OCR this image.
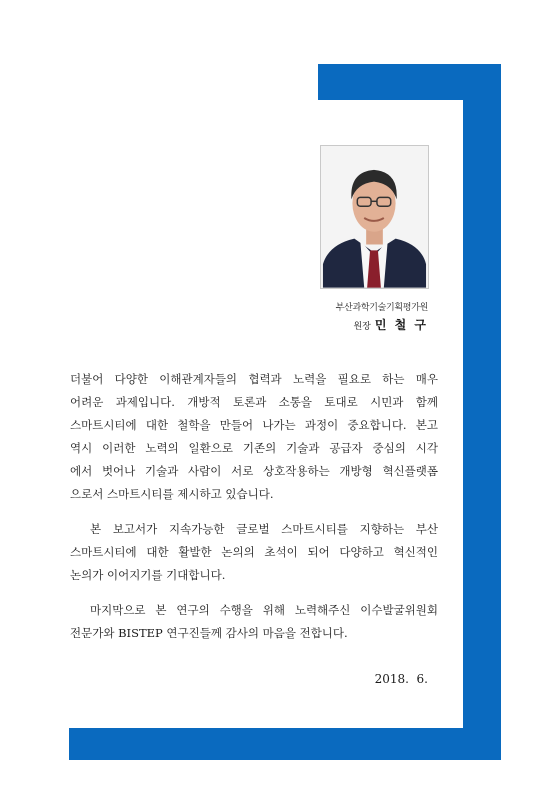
부산과학기술기획평가원
원장 민 철 구

더불어 다양한 이해관계자들의 협력과 노력을 필요로 하는 매우

어려운 과제입니다. 개방적 토론과 소통을 토대로 시민과 함께

스마트시티에 대한 철학을 만들어 나가는 과정이 중요합니다. 본고

역시 이러한 노력의 일환으로 기존의 기술과 공급자 중심의 시각

에서 벗어나 기술과 사람이 서로 상호작용하는 개방형 혁신플랫폼

으로서 스마트시티를 제시하고 있습니다.

본 보고서가 지속가능한 글로벌 스마트시티를 지향하는 부산

스마트시티에 대한 활발한 논의의 초석이 되어 다양하고 혁신적인

논의가 이어지기를 기대합니다.

마지막으로 본 연구의 수행을 위해 노력해주신 이수발굴위원회

전문가와 BISTEP 연구진들께 감사의 마음을 전합니다.

2018.  6.
